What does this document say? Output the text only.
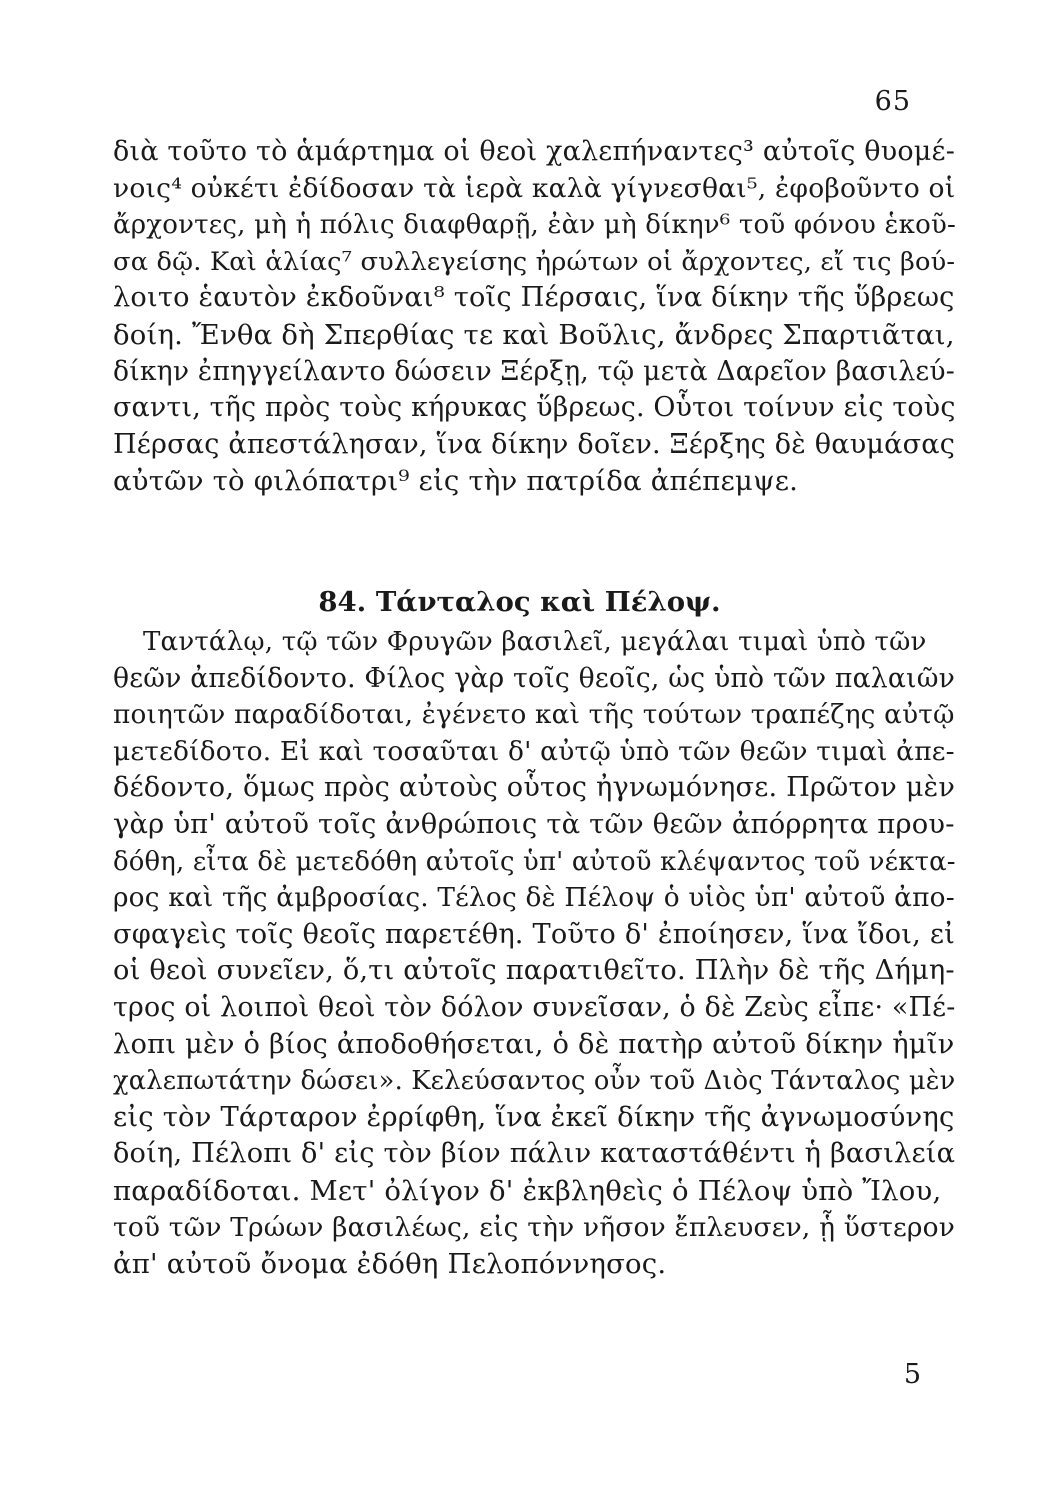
65
διὰ τοῦτο τὸ ἁμάρτημα οἱ θεοὶ χαλεπήναντες³ αὐτοῖς θυομέ-
νοις⁴ οὐκέτι ἐδίδοσαν τὰ ἱερὰ καλὰ γίγνεσθαι⁵, ἐφοβοῦντο οἱ
ἄρχοντες, μὴ ἡ πόλις διαφθαρῇ, ἐὰν μὴ δίκην⁶ τοῦ φόνου ἑκοῦ-
σα δῷ. Καὶ ἁλίας⁷ συλλεγείσης ἠρώτων οἱ ἄρχοντες, εἴ τις βού-
λοιτο ἑαυτὸν ἐκδοῦναι⁸ τοῖς Πέρσαις, ἵνα δίκην τῆς ὕβρεως
δοίη. Ἔνθα δὴ Σπερθίας τε καὶ Βοῦλις, ἄνδρες Σπαρτιᾶται,
δίκην ἐπηγγείλαντο δώσειν Ξέρξῃ, τῷ μετὰ Δαρεῖον βασιλεύ-
σαντι, τῆς πρὸς τοὺς κήρυκας ὕβρεως. Οὗτοι τοίνυν εἰς τοὺς
Πέρσας ἀπεστάλησαν, ἵνα δίκην δοῖεν. Ξέρξης δὲ θαυμάσας
αὐτῶν τὸ φιλόπατρι⁹ εἰς τὴν πατρίδα ἀπέπεμψε.
84. Τάνταλος καὶ Πέλοψ.
Ταντάλῳ, τῷ τῶν Φρυγῶν βασιλεῖ, μεγάλαι τιμαὶ ὑπὸ τῶν
θεῶν ἀπεδίδοντο. Φίλος γὰρ τοῖς θεοῖς, ὡς ὑπὸ τῶν παλαιῶν
ποιητῶν παραδίδοται, ἐγένετο καὶ τῆς τούτων τραπέζης αὐτῷ
μετεδίδοτο. Εἰ καὶ τοσαῦται δ' αὐτῷ ὑπὸ τῶν θεῶν τιμαὶ ἀπε-
δέδοντο, ὅμως πρὸς αὐτοὺς οὗτος ἠγνωμόνησε. Πρῶτον μὲν
γὰρ ὑπ' αὐτοῦ τοῖς ἀνθρώποις τὰ τῶν θεῶν ἀπόρρητα πρου-
δόθη, εἶτα δὲ μετεδόθη αὐτοῖς ὑπ' αὐτοῦ κλέψαντος τοῦ νέκτα-
ρος καὶ τῆς ἀμβροσίας. Τέλος δὲ Πέλοψ ὁ υἱὸς ὑπ' αὐτοῦ ἀπο-
σφαγεὶς τοῖς θεοῖς παρετέθη. Τοῦτο δ' ἐποίησεν, ἵνα ἴδοι, εἰ
οἱ θεοὶ συνεῖεν, ὅ,τι αὐτοῖς παρατιθεῖτο. Πλὴν δὲ τῆς Δήμη-
τρος οἱ λοιποὶ θεοὶ τὸν δόλον συνεῖσαν, ὁ δὲ Ζεὺς εἶπε· «Πέ-
λοπι μὲν ὁ βίος ἀποδοθήσεται, ὁ δὲ πατὴρ αὐτοῦ δίκην ἡμῖν
χαλεπωτάτην δώσει». Κελεύσαντος οὖν τοῦ Διὸς Τάνταλος μὲν
εἰς τὸν Τάρταρον ἐρρίφθη, ἵνα ἐκεῖ δίκην τῆς ἀγνωμοσύνης
δοίη, Πέλοπι δ' εἰς τὸν βίον πάλιν καταστάθέντι ἡ βασιλεία
παραδίδοται. Μετ' ὀλίγον δ' ἐκβληθεὶς ὁ Πέλοψ ὑπὸ Ἴλου,
τοῦ τῶν Τρώων βασιλέως, εἰς τὴν νῆσον ἔπλευσεν, ᾗ ὕστερον
ἀπ' αὐτοῦ ὄνομα ἐδόθη Πελοπόννησος.
5
